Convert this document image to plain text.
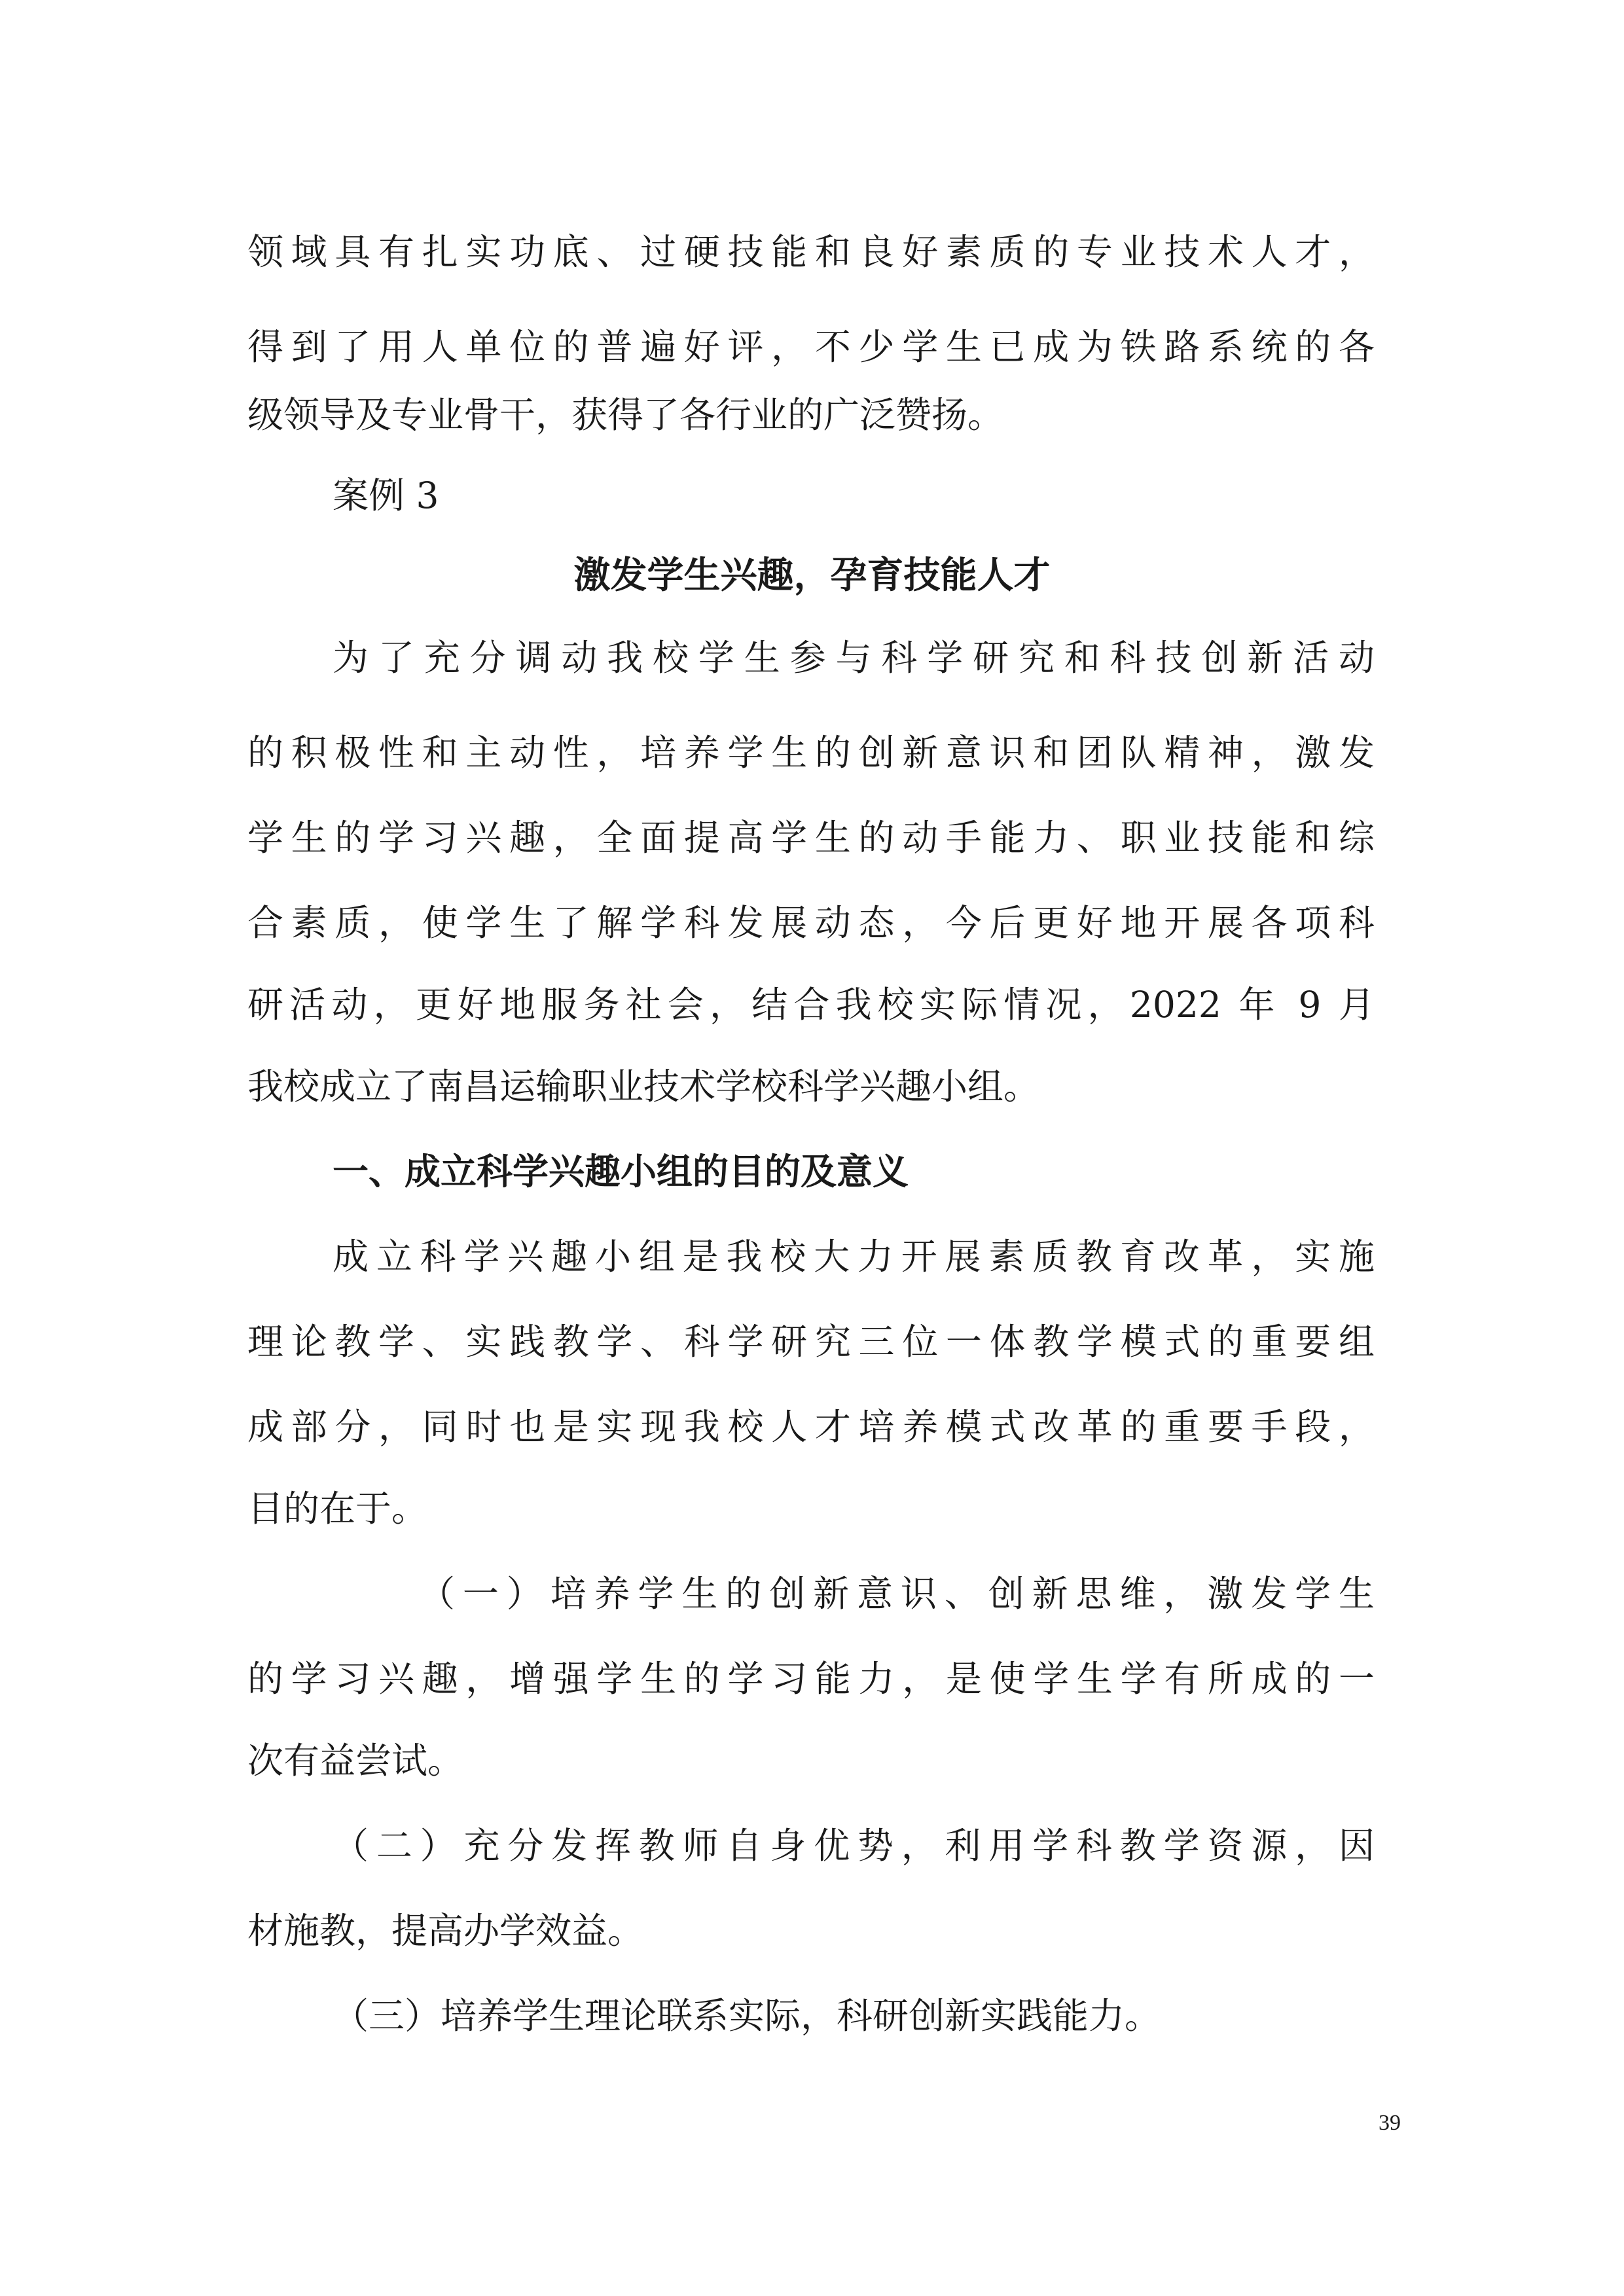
领域具有扎实功底、过硬技能和良好素质的专业技术人才，
得到了用人单位的普遍好评，不少学生已成为铁路系统的各
级领导及专业骨干，获得了各行业的广泛赞扬。
案例 3
激发学生兴趣，孕育技能人才
为了充分调动我校学生参与科学研究和科技创新活动
的积极性和主动性，培养学生的创新意识和团队精神，激发
学生的学习兴趣，全面提高学生的动手能力、职业技能和综
合素质，使学生了解学科发展动态，今后更好地开展各项科
研活动，更好地服务社会，结合我校实际情况，2022 年 9 月
我校成立了南昌运输职业技术学校科学兴趣小组。
一、成立科学兴趣小组的目的及意义
成立科学兴趣小组是我校大力开展素质教育改革，实施
理论教学、实践教学、科学研究三位一体教学模式的重要组
成部分，同时也是实现我校人才培养模式改革的重要手段，
目的在于。
（一）培养学生的创新意识、创新思维，激发学生
的学习兴趣，增强学生的学习能力，是使学生学有所成的一
次有益尝试。
（二）充分发挥教师自身优势，利用学科教学资源，因
材施教，提高办学效益。
（三）培养学生理论联系实际，科研创新实践能力。
39
